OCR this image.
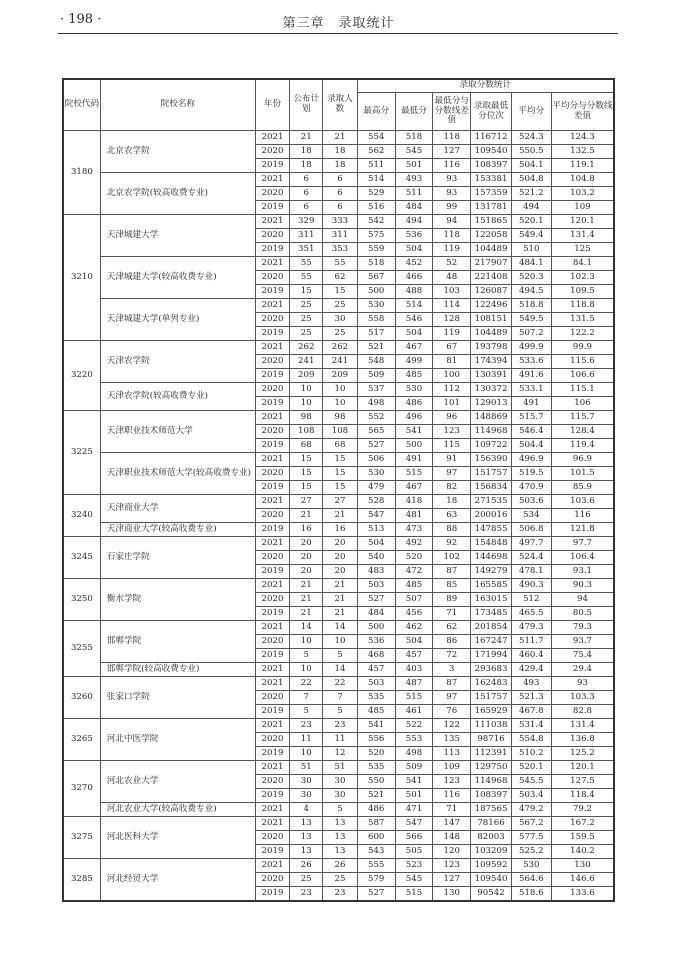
· 198 ·	第三章　录取统计
院校代码	院校名称	年份	公布计划	录取人数	录取分数统计					
					最高分	最低分	最低分与分数线差值	录取最低分位次	平均分	平均分与分数线差值
3180	北京农学院	2021	21	21	554	518	118	116712	524.3	124.3
		2020	18	18	562	545	127	109540	550.5	132.5
		2019	18	18	511	501	116	108397	504.1	119.1
	北京农学院(较高收费专业)	2021	6	6	514	493	93	153381	504.8	104.8
		2020	6	6	529	511	93	157359	521.2	103.2
		2019	6	6	516	484	99	131781	494	109
3210	天津城建大学	2021	329	333	542	494	94	151865	520.1	120.1
		2020	311	311	575	536	118	122058	549.4	131.4
		2019	351	353	559	504	119	104489	510	125
	天津城建大学(较高收费专业)	2021	55	55	518	452	52	217907	484.1	84.1
		2020	55	62	567	466	48	221408	520.3	102.3
		2019	15	15	500	488	103	126087	494.5	109.5
	天津城建大学(单列专业)	2021	25	25	530	514	114	122496	518.8	118.8
		2020	25	30	558	546	128	108151	549.5	131.5
		2019	25	25	517	504	119	104489	507.2	122.2
3220	天津农学院	2021	262	262	521	467	67	193798	499.9	99.9
		2020	241	241	548	499	81	174394	533.6	115.6
		2019	209	209	509	485	100	130391	491.6	106.6
	天津农学院(较高收费专业)	2020	10	10	537	530	112	130372	533.1	115.1
		2019	10	10	498	486	101	129013	491	106
3225	天津职业技术师范大学	2021	98	98	552	496	96	148869	515.7	115.7
		2020	108	108	565	541	123	114968	546.4	128.4
		2019	68	68	527	500	115	109722	504.4	119.4
	天津职业技术师范大学(较高收费专业)	2021	15	15	506	491	91	156390	496.9	96.9
		2020	15	15	530	515	97	151757	519.5	101.5
		2019	15	15	479	467	82	156834	470.9	85.9
3240	天津商业大学	2021	27	27	528	418	18	271535	503.6	103.6
		2020	21	21	547	481	63	200016	534	116
	天津商业大学(较高收费专业)	2019	16	16	513	473	88	147855	506.8	121.8
3245	石家庄学院	2021	20	20	504	492	92	154848	497.7	97.7
		2020	20	20	540	520	102	144698	524.4	106.4
		2019	20	20	483	472	87	149279	478.1	93.1
3250	衡水学院	2021	21	21	503	485	85	165585	490.3	90.3
		2020	21	21	527	507	89	163015	512	94
		2019	21	21	484	456	71	173485	465.5	80.5
3255	邯郸学院	2021	14	14	500	462	62	201854	479.3	79.3
		2020	10	10	536	504	86	167247	511.7	93.7
		2019	5	5	468	457	72	171994	460.4	75.4
	邯郸学院(较高收费专业)	2021	10	14	457	403	3	293683	429.4	29.4
3260	张家口学院	2021	22	22	503	487	87	162483	493	93
		2020	7	7	535	515	97	151757	521.3	103.3
		2019	5	5	485	461	76	165929	467.8	82.8
3265	河北中医学院	2021	23	23	541	522	122	111038	531.4	131.4
		2020	11	11	556	553	135	98716	554.8	136.8
		2019	10	12	520	498	113	112391	510.2	125.2
3270	河北农业大学	2021	51	51	535	509	109	129750	520.1	120.1
		2020	30	30	550	541	123	114968	545.5	127.5
		2019	30	30	521	501	116	108397	503.4	118.4
	河北农业大学(较高收费专业)	2021	4	5	486	471	71	187565	479.2	79.2
3275	河北医科大学	2021	13	13	587	547	147	78166	567.2	167.2
		2020	13	13	600	566	148	82003	577.5	159.5
		2019	13	13	543	505	120	103209	525.2	140.2
3285	河北经贸大学	2021	26	26	555	523	123	109592	530	130
		2020	25	25	579	545	127	109540	564.6	146.6
		2019	23	23	527	515	130	90542	518.6	133.6
